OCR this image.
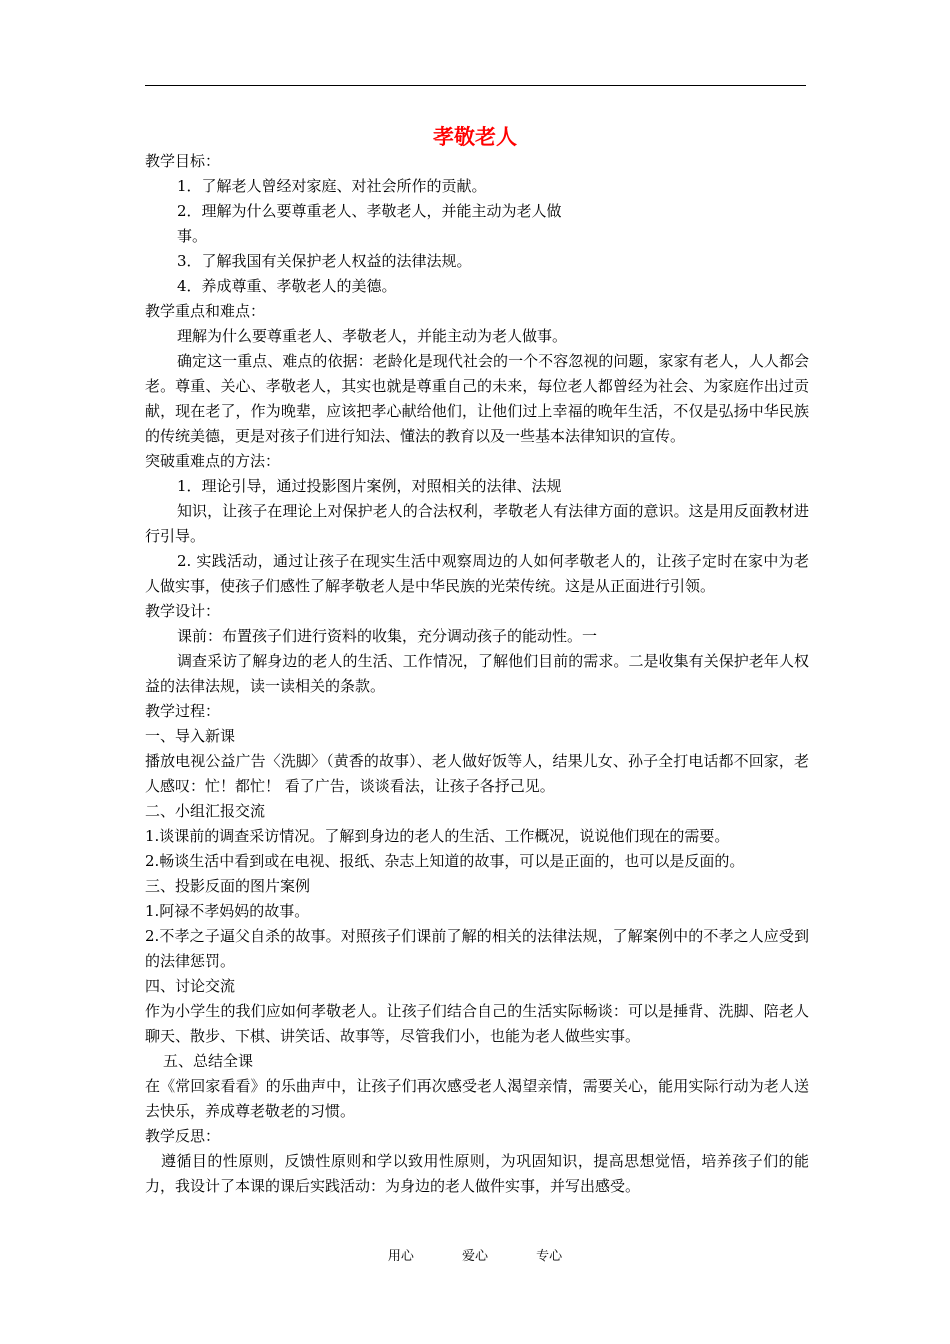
孝敬老人

教学目标：

1．了解老人曾经对家庭、对社会所作的贡献。

2．理解为什么要尊重老人、孝敬老人，并能主动为老人做

事。

3．了解我国有关保护老人权益的法律法规。

4．养成尊重、孝敬老人的美德。

教学重点和难点：

理解为什么要尊重老人、孝敬老人，并能主动为老人做事。

确定这一重点、难点的依据：老龄化是现代社会的一个不容忽视的问题，家家有老人，人人都会老。尊重、关心、孝敬老人，其实也就是尊重自己的未来，每位老人都曾经为社会、为家庭作出过贡献，现在老了，作为晚辈，应该把孝心献给他们，让他们过上幸福的晚年生活，不仅是弘扬中华民族的传统美德，更是对孩子们进行知法、懂法的教育以及一些基本法律知识的宣传。

突破重难点的方法：

1．理论引导，通过投影图片案例，对照相关的法律、法规

知识，让孩子在理论上对保护老人的合法权利，孝敬老人有法律方面的意识。这是用反面教材进行引导。

2. 实践活动，通过让孩子在现实生活中观察周边的人如何孝敬老人的，让孩子定时在家中为老人做实事，使孩子们感性了解孝敬老人是中华民族的光荣传统。这是从正面进行引领。

教学设计：

课前：布置孩子们进行资料的收集，充分调动孩子的能动性。一

调查采访了解身边的老人的生活、工作情况，了解他们目前的需求。二是收集有关保护老年人权益的法律法规，读一读相关的条款。

教学过程：

一、导入新课

播放电视公益广告〈洗脚〉（黄香的故事）、老人做好饭等人，结果儿女、孙子全打电话都不回家，老人感叹：忙！都忙！ 看了广告，谈谈看法，让孩子各抒己见。

二、小组汇报交流

1.谈课前的调查采访情况。了解到身边的老人的生活、工作概况，说说他们现在的需要。

2.畅谈生活中看到或在电视、报纸、杂志上知道的故事，可以是正面的，也可以是反面的。

三、投影反面的图片案例

1.阿禄不孝妈妈的故事。

2.不孝之子逼父自杀的故事。对照孩子们课前了解的相关的法律法规，了解案例中的不孝之人应受到的法律惩罚。

四、讨论交流

作为小学生的我们应如何孝敬老人。让孩子们结合自己的生活实际畅谈：可以是捶背、洗脚、陪老人聊天、散步、下棋、讲笑话、故事等，尽管我们小，也能为老人做些实事。

五、总结全课

在《常回家看看》的乐曲声中，让孩子们再次感受老人渴望亲情，需要关心，能用实际行动为老人送去快乐，养成尊老敬老的习惯。

教学反思：

遵循目的性原则，反馈性原则和学以致用性原则，为巩固知识，提高思想觉悟，培养孩子们的能力，我设计了本课的课后实践活动：为身边的老人做件实事，并写出感受。

用心	爱心	专心
